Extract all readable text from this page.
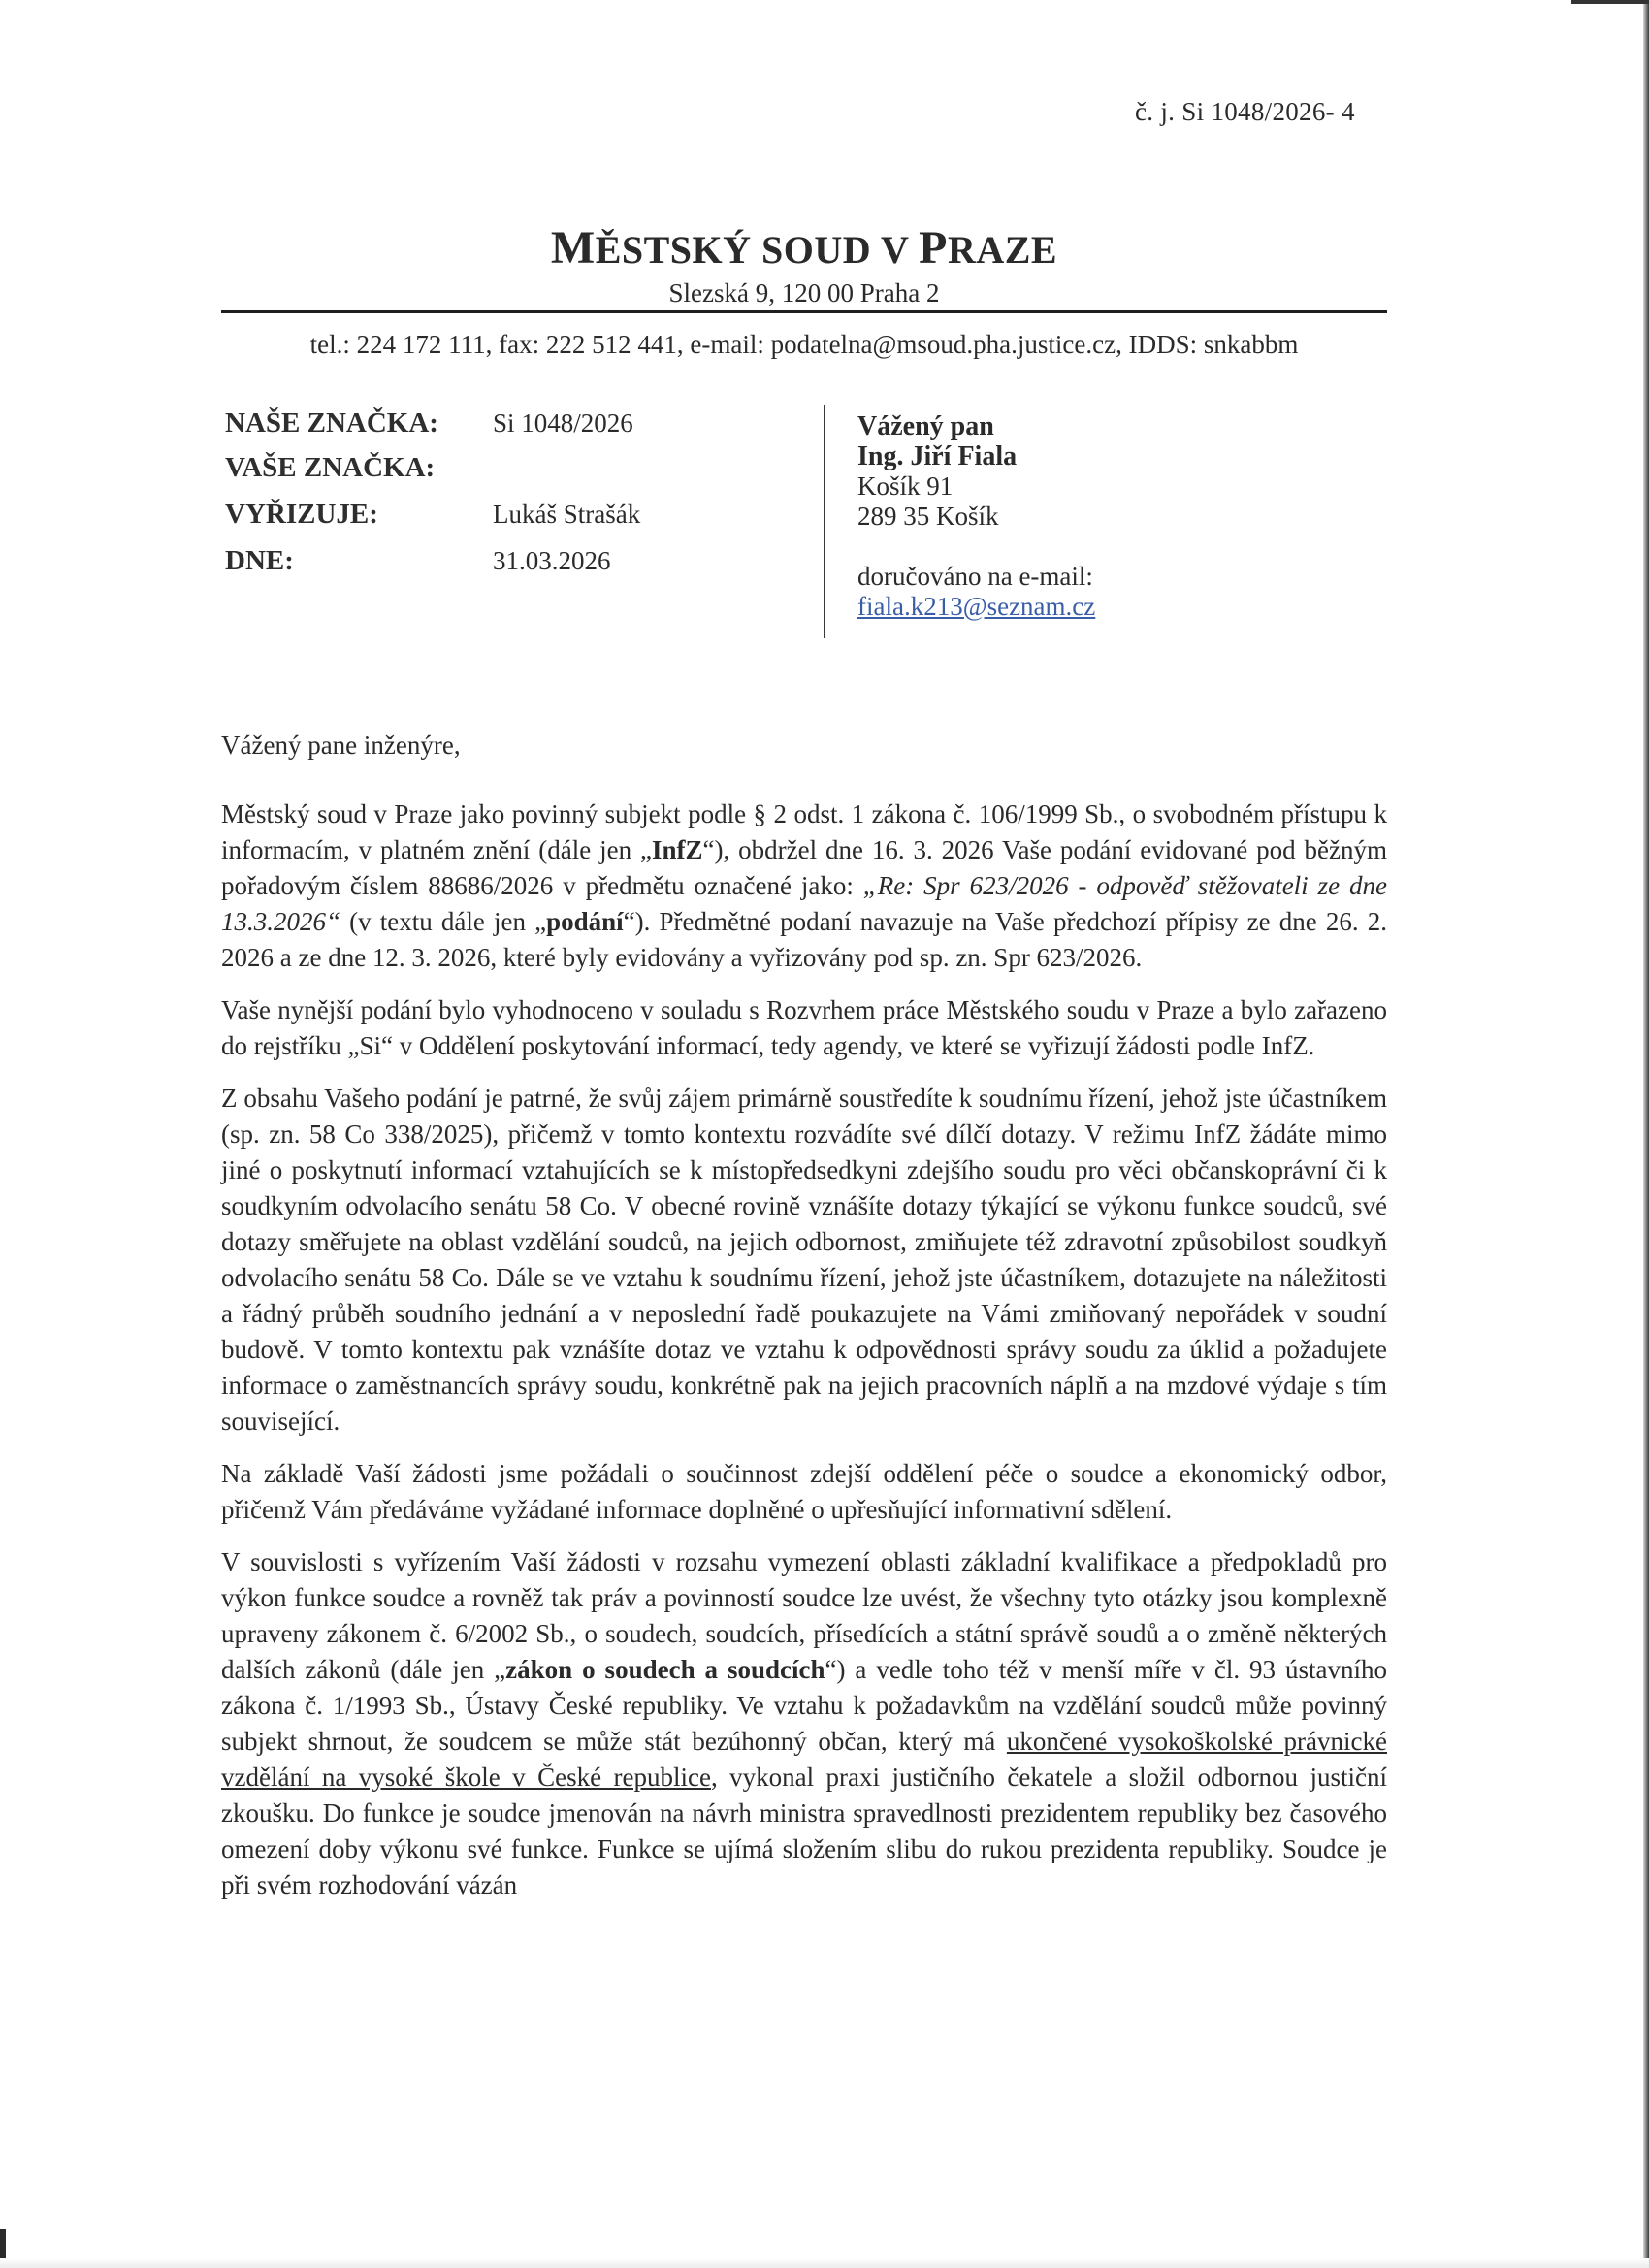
č. j. Si 1048/2026- 4
MĚSTSKÝ SOUD V PRAZE
Slezská 9, 120 00 Praha 2
tel.: 224 172 111, fax: 222 512 441, e-mail: podatelna@msoud.pha.justice.cz, IDDS: snkabbm
NAŠE ZNAČKA:	Si 1048/2026
VAŠE ZNAČKA:
VYŘIZUJE:	Lukáš Strašák
DNE:	31.03.2026
Vážený pan
Ing. Jiří Fiala
Košík 91
289 35 Košík
doručováno na e-mail:
fiala.k213@seznam.cz

Vážený pane inženýre,

Městský soud v Praze jako povinný subjekt podle § 2 odst. 1 zákona č. 106/1999 Sb., o svobodném přístupu k informacím, v platném znění (dále jen „InfZ“), obdržel dne 16. 3. 2026 Vaše podání evidované pod běžným pořadovým číslem 88686/2026 v předmětu označené jako: „Re: Spr 623/2026 - odpověď stěžovateli ze dne 13.3.2026“ (v textu dále jen „podání“). Předmětné podaní navazuje na Vaše předchozí přípisy ze dne 26. 2. 2026 a ze dne 12. 3. 2026, které byly evidovány a vyřizovány pod sp. zn. Spr 623/2026.

Vaše nynější podání bylo vyhodnoceno v souladu s Rozvrhem práce Městského soudu v Praze a bylo zařazeno do rejstříku „Si“ v Oddělení poskytování informací, tedy agendy, ve které se vyřizují žádosti podle InfZ.

Z obsahu Vašeho podání je patrné, že svůj zájem primárně soustředíte k soudnímu řízení, jehož jste účastníkem (sp. zn. 58 Co 338/2025), přičemž v tomto kontextu rozvádíte své dílčí dotazy. V režimu InfZ žádáte mimo jiné o poskytnutí informací vztahujících se k místopředsedkyni zdejšího soudu pro věci občanskoprávní či k soudkyním odvolacího senátu 58 Co. V obecné rovině vznášíte dotazy týkající se výkonu funkce soudců, své dotazy směřujete na oblast vzdělání soudců, na jejich odbornost, zmiňujete též zdravotní způsobilost soudkyň odvolacího senátu 58 Co. Dále se ve vztahu k soudnímu řízení, jehož jste účastníkem, dotazujete na náležitosti a řádný průběh soudního jednání a v neposlední řadě poukazujete na Vámi zmiňovaný nepořádek v soudní budově. V tomto kontextu pak vznášíte dotaz ve vztahu k odpovědnosti správy soudu za úklid a požadujete informace o zaměstnancích správy soudu, konkrétně pak na jejich pracovních náplň a na mzdové výdaje s tím související.

Na základě Vaší žádosti jsme požádali o součinnost zdejší oddělení péče o soudce a ekonomický odbor, přičemž Vám předáváme vyžádané informace doplněné o upřesňující informativní sdělení.

V souvislosti s vyřízením Vaší žádosti v rozsahu vymezení oblasti základní kvalifikace a předpokladů pro výkon funkce soudce a rovněž tak práv a povinností soudce lze uvést, že všechny tyto otázky jsou komplexně upraveny zákonem č. 6/2002 Sb., o soudech, soudcích, přísedících a státní správě soudů a o změně některých dalších zákonů (dále jen „zákon o soudech a soudcích“) a vedle toho též v menší míře v čl. 93 ústavního zákona č. 1/1993 Sb., Ústavy České republiky. Ve vztahu k požadavkům na vzdělání soudců může povinný subjekt shrnout, že soudcem se může stát bezúhonný občan, který má ukončené vysokoškolské právnické vzdělání na vysoké škole v České republice, vykonal praxi justičního čekatele a složil odbornou justiční zkoušku. Do funkce je soudce jmenován na návrh ministra spravedlnosti prezidentem republiky bez časového omezení doby výkonu své funkce. Funkce se ujímá složením slibu do rukou prezidenta republiky. Soudce je při svém rozhodování vázán
